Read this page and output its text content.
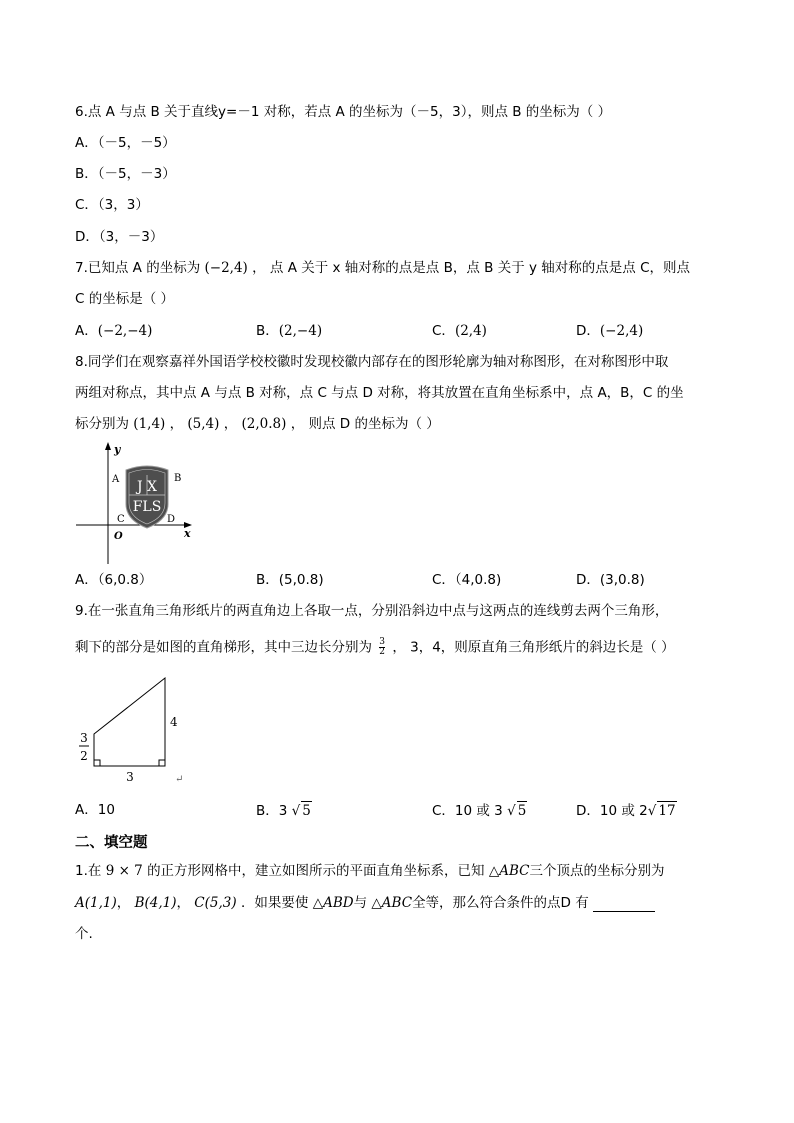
6.点 A 与点 B 关于直线y=－1 对称，若点 A 的坐标为（－5，3），则点 B 的坐标为（ ）
A．（－5，－5）
B．（－5，－3）
C．（3，3）
D．（3，－3）
7.已知点 A 的坐标为 (−2,4) ， 点 A 关于 x 轴对称的点是点 B，点 B 关于 y 轴对称的点是点 C，则点
C 的坐标是（ ）
A．(−2,−4)	B．(2,−4)	C．(2,4)	D．(−2,4)
8.同学们在观察嘉祥外国语学校校徽时发现校徽内部存在的图形轮廓为轴对称图形，在对称图形中取
两组对称点，其中点 A 与点 B 对称，点 C 与点 D 对称，将其放置在直角坐标系中，点 A，B，C 的坐
标分别为 (1,4) ， (5,4) ， (2,0.8) ， 则点 D 的坐标为（ ）
y
x
O
J X
FLS
A	B
C	D
A．（6,0.8）	B．(5,0.8)	C．（4,0.8)	D．(3,0.8)
9.在一张直角三角形纸片的两直角边上各取一点，分别沿斜边中点与这两点的连线剪去两个三角形，
剩下的部分是如图的直角梯形，其中三边长分别为 $\frac{3}{2}$ ， 3，4，则原直角三角形纸片的斜边长是（ ）
3
2
3
4
↵
A．10	B．3 √ 5	C．10 或 3 √ 5	D．10 或 2√ 17
二、填空题
1.在 9 × 7 的正方形网格中，建立如图所示的平面直角坐标系，已知 △ABC三个顶点的坐标分别为
A(1,1)， B(4,1)， C(5,3) ．如果要使 △ABD与 △ABC全等，那么符合条件的点D 有
个.
